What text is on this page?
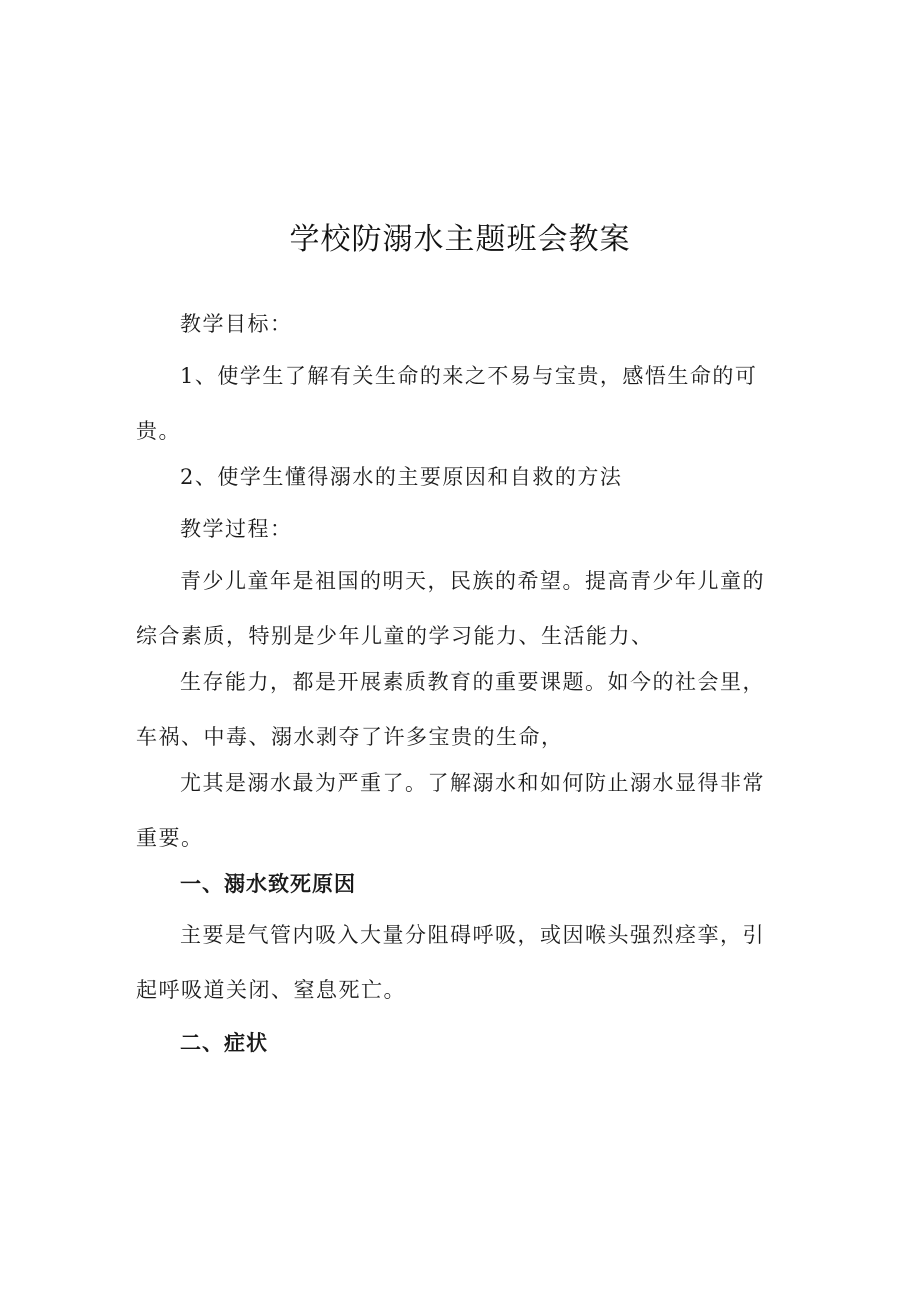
学校防溺水主题班会教案

教学目标：

1、使学生了解有关生命的来之不易与宝贵，感悟生命的可贵。

2、使学生懂得溺水的主要原因和自救的方法

教学过程：

青少儿童年是祖国的明天，民族的希望。提高青少年儿童的综合素质，特别是少年儿童的学习能力、生活能力、

生存能力，都是开展素质教育的重要课题。如今的社会里，车祸、中毒、溺水剥夺了许多宝贵的生命，

尤其是溺水最为严重了。了解溺水和如何防止溺水显得非常重要。

一、溺水致死原因

主要是气管内吸入大量分阻碍呼吸，或因喉头强烈痉挛，引起呼吸道关闭、窒息死亡。

二、症状
